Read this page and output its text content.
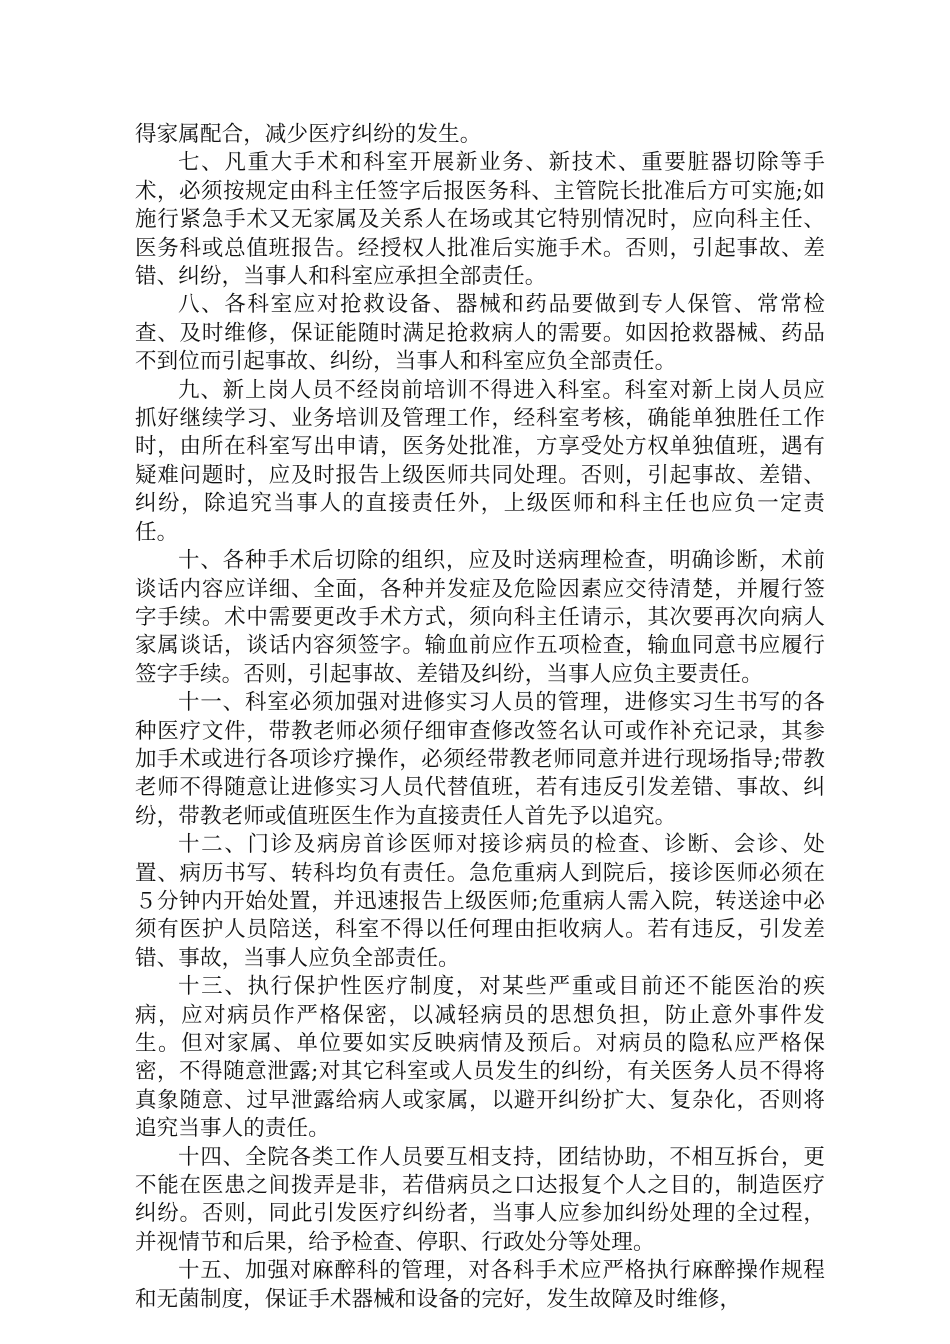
得家属配合，减少医疗纠纷的发生。

七、凡重大手术和科室开展新业务、新技术、重要脏器切除等手术，必须按规定由科主任签字后报医务科、主管院长批准后方可实施;如施行紧急手术又无家属及关系人在场或其它特别情况时，应向科主任、医务科或总值班报告。经授权人批准后实施手术。否则，引起事故、差错、纠纷，当事人和科室应承担全部责任。

八、各科室应对抢救设备、器械和药品要做到专人保管、常常检查、及时维修，保证能随时满足抢救病人的需要。如因抢救器械、药品不到位而引起事故、纠纷，当事人和科室应负全部责任。

九、新上岗人员不经岗前培训不得进入科室。科室对新上岗人员应抓好继续学习、业务培训及管理工作，经科室考核，确能单独胜任工作时，由所在科室写出申请，医务处批准，方享受处方权单独值班，遇有疑难问题时，应及时报告上级医师共同处理。否则，引起事故、差错、纠纷，除追究当事人的直接责任外，上级医师和科主任也应负一定责任。

十、各种手术后切除的组织，应及时送病理检查，明确诊断，术前谈话内容应详细、全面，各种并发症及危险因素应交待清楚，并履行签字手续。术中需要更改手术方式，须向科主任请示，其次要再次向病人家属谈话，谈话内容须签字。输血前应作五项检查，输血同意书应履行签字手续。否则，引起事故、差错及纠纷，当事人应负主要责任。

十一、科室必须加强对进修实习人员的管理，进修实习生书写的各种医疗文件，带教老师必须仔细审查修改签名认可或作补充记录，其参加手术或进行各项诊疗操作，必须经带教老师同意并进行现场指导;带教老师不得随意让进修实习人员代替值班，若有违反引发差错、事故、纠纷，带教老师或值班医生作为直接责任人首先予以追究。

十二、门诊及病房首诊医师对接诊病员的检查、诊断、会诊、处置、病历书写、转科均负有责任。急危重病人到院后，接诊医师必须在５分钟内开始处置，并迅速报告上级医师;危重病人需入院，转送途中必须有医护人员陪送，科室不得以任何理由拒收病人。若有违反，引发差错、事故，当事人应负全部责任。

十三、执行保护性医疗制度，对某些严重或目前还不能医治的疾病，应对病员作严格保密，以减轻病员的思想负担，防止意外事件发生。但对家属、单位要如实反映病情及预后。对病员的隐私应严格保密，不得随意泄露;对其它科室或人员发生的纠纷，有关医务人员不得将真象随意、过早泄露给病人或家属，以避开纠纷扩大、复杂化，否则将追究当事人的责任。

十四、全院各类工作人员要互相支持，团结协助，不相互拆台，更不能在医患之间拨弄是非，若借病员之口达报复个人之目的，制造医疗纠纷。否则，同此引发医疗纠纷者，当事人应参加纠纷处理的全过程，并视情节和后果，给予检查、停职、行政处分等处理。

十五、加强对麻醉科的管理，对各科手术应严格执行麻醉操作规程和无菌制度，保证手术器械和设备的完好，发生故障及时维修，
